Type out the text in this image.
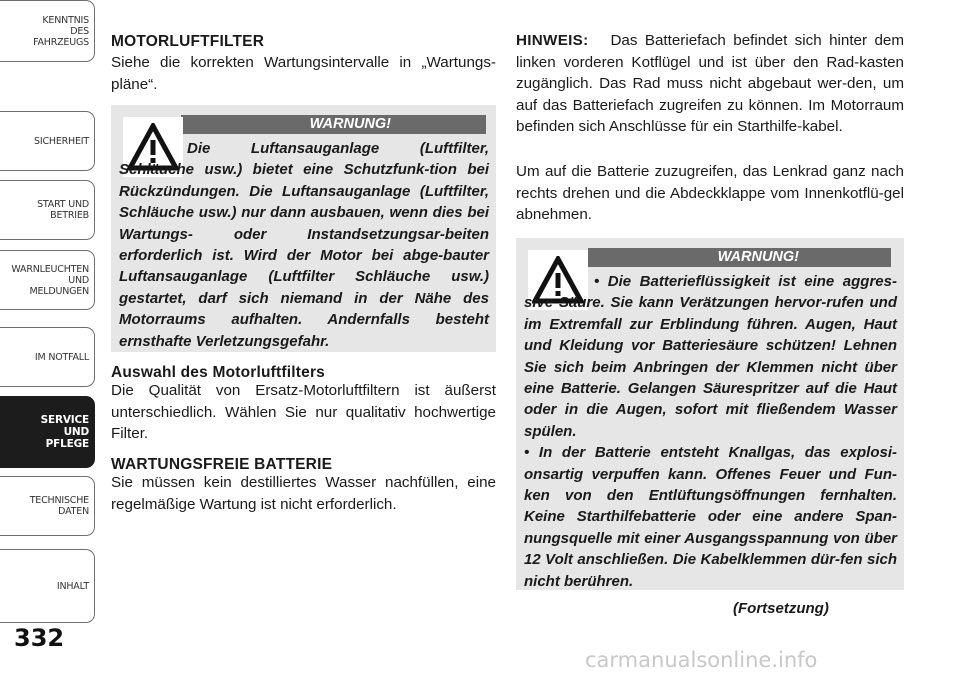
KENNTNIS
DES
FAHRZEUGS
SICHERHEIT
START UND
BETRIEB
WARNLEUCHTEN
UND
MELDUNGEN
IM NOTFALL
SERVICE
UND
PFLEGE
TECHNISCHE
DATEN
INHALT
332

MOTORLUFTFILTER

Siehe die korrekten Wartungsintervalle in „Wartungs-pläne“.

WARNUNG!

Die Luftansauganlage (Luftfilter, Schläuche usw.) bietet eine Schutzfunk-tion bei Rückzündungen. Die Luftansauganlage (Luftfilter, Schläuche usw.) nur dann ausbauen, wenn dies bei Wartungs- oder Instandsetzungsar-beiten erforderlich ist. Wird der Motor bei abge-bauter Luftansauganlage (Luftfilter Schläuche usw.) gestartet, darf sich niemand in der Nähe des Motorraums aufhalten. Andernfalls besteht ernsthafte Verletzungsgefahr.

Auswahl des Motorluftfilters

Die Qualität von Ersatz-Motorluftfiltern ist äußerst unterschiedlich. Wählen Sie nur qualitativ hochwertige Filter.

WARTUNGSFREIE BATTERIE

Sie müssen kein destilliertes Wasser nachfüllen, eine regelmäßige Wartung ist nicht erforderlich.

HINWEIS: Das Batteriefach befindet sich hinter dem linken vorderen Kotflügel und ist über den Rad-kasten zugänglich. Das Rad muss nicht abgebaut wer-den, um auf das Batteriefach zugreifen zu können. Im Motorraum befinden sich Anschlüsse für ein Starthilfe-kabel.

Um auf die Batterie zuzugreifen, das Lenkrad ganz nach rechts drehen und die Abdeckklappe vom Innenkotflü-gel abnehmen.

WARNUNG!

• Die Batterieflüssigkeit ist eine aggres-sive Säure. Sie kann Verätzungen hervor-rufen und im Extremfall zur Erblindung führen. Augen, Haut und Kleidung vor Batteriesäure schützen! Lehnen Sie sich beim Anbringen der Klemmen nicht über eine Batterie. Gelangen Säurespritzer auf die Haut oder in die Augen, sofort mit fließendem Wasser spülen.

• In der Batterie entsteht Knallgas, das explosi-onsartig verpuffen kann. Offenes Feuer und Fun-ken von den Entlüftungsöffnungen fernhalten. Keine Starthilfebatterie oder eine andere Span-nungsquelle mit einer Ausgangsspannung von über 12 Volt anschließen. Die Kabelklemmen dür-fen sich nicht berühren.

(Fortsetzung)
carmanualsonline.info
